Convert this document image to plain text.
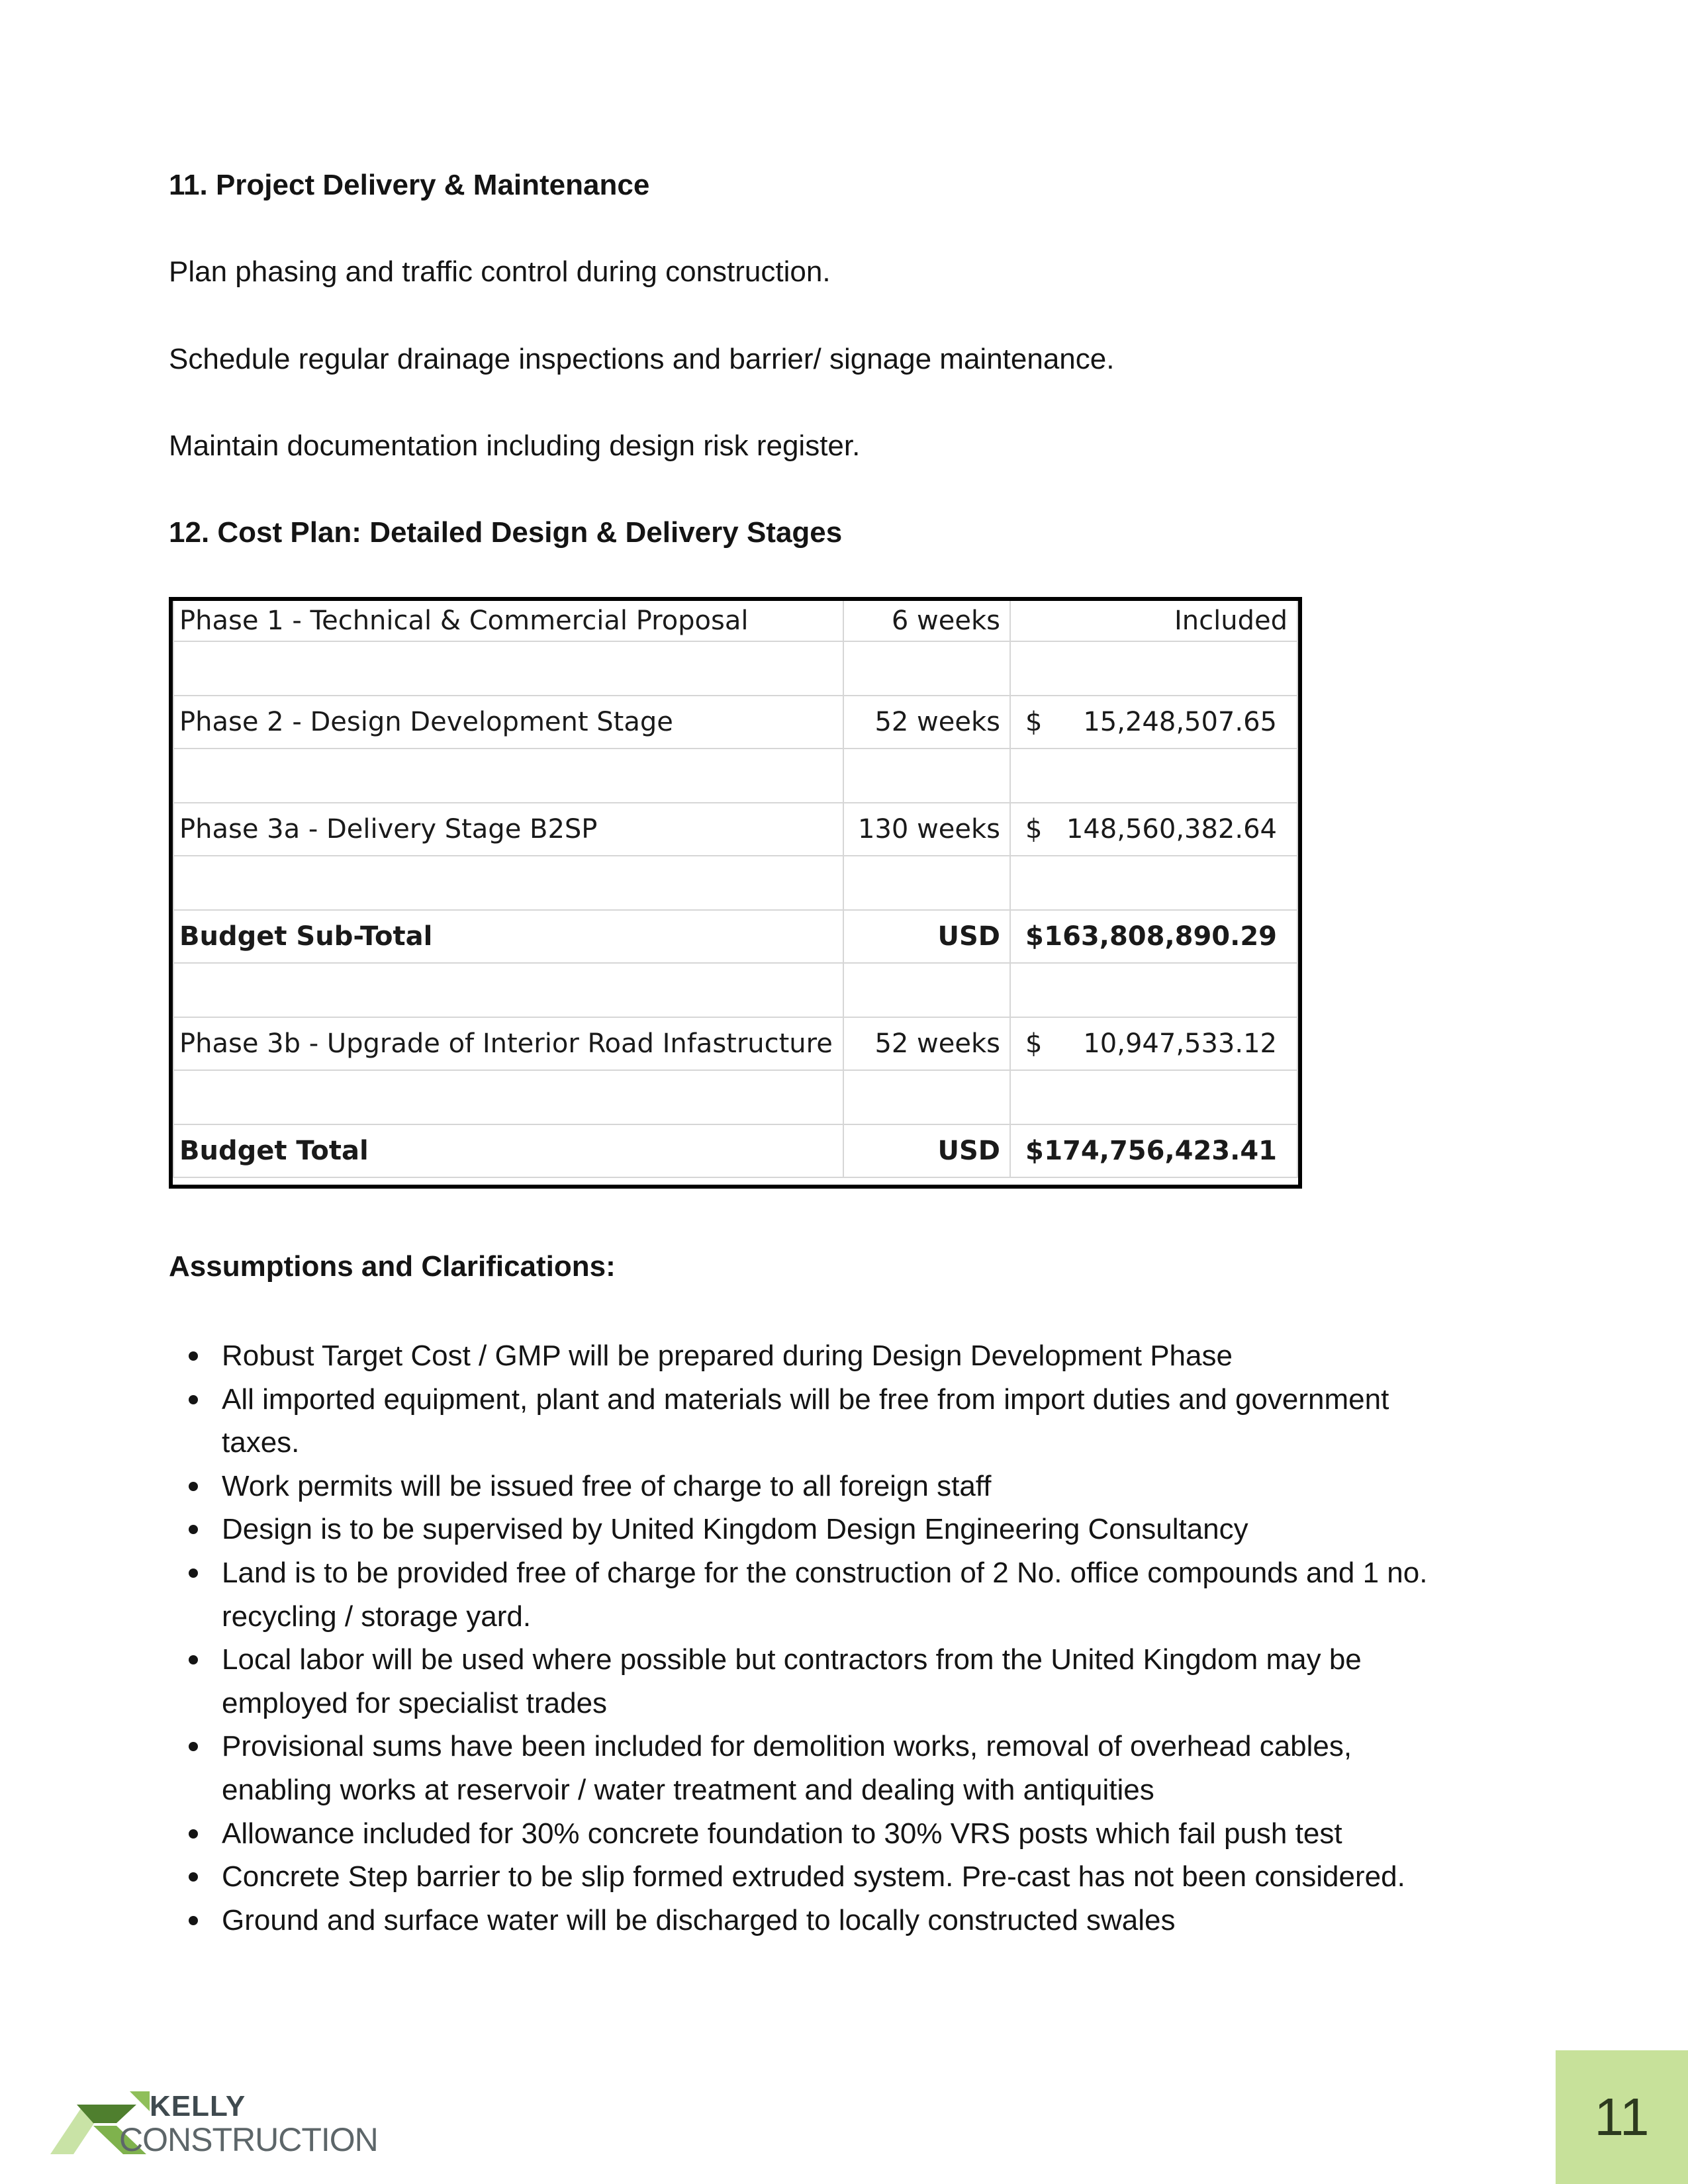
11. Project Delivery & Maintenance

Plan phasing and traffic control during construction.

Schedule regular drainage inspections and barrier/ signage maintenance.

Maintain documentation including design risk register.

12. Cost Plan: Detailed Design & Delivery Stages

Phase 1 - Technical & Commercial Proposal	6 weeks	Included

Phase 2 - Design Development Stage	52 weeks	$ 15,248,507.65

Phase 3a - Delivery Stage B2SP	130 weeks	$ 148,560,382.64

Budget Sub-Total	USD	$ 163,808,890.29

Phase 3b - Upgrade of Interior Road Infastructure	52 weeks	$ 10,947,533.12

Budget Total	USD	$ 174,756,423.41

Assumptions and Clarifications:

Robust Target Cost / GMP will be prepared during Design Development Phase
All imported equipment, plant and materials will be free from import duties and government
taxes.
Work permits will be issued free of charge to all foreign staff
Design is to be supervised by United Kingdom Design Engineering Consultancy
Land is to be provided free of charge for the construction of 2 No. office compounds and 1 no.
recycling / storage yard.
Local labor will be used where possible but contractors from the United Kingdom may be
employed for specialist trades
Provisional sums have been included for demolition works, removal of overhead cables,
enabling works at reservoir / water treatment and dealing with antiquities
Allowance included for 30% concrete foundation to 30% VRS posts which fail push test
Concrete Step barrier to be slip formed extruded system. Pre-cast has not been considered.
Ground and surface water will be discharged to locally constructed swales
KELLY
CONSTRUCTION	11
